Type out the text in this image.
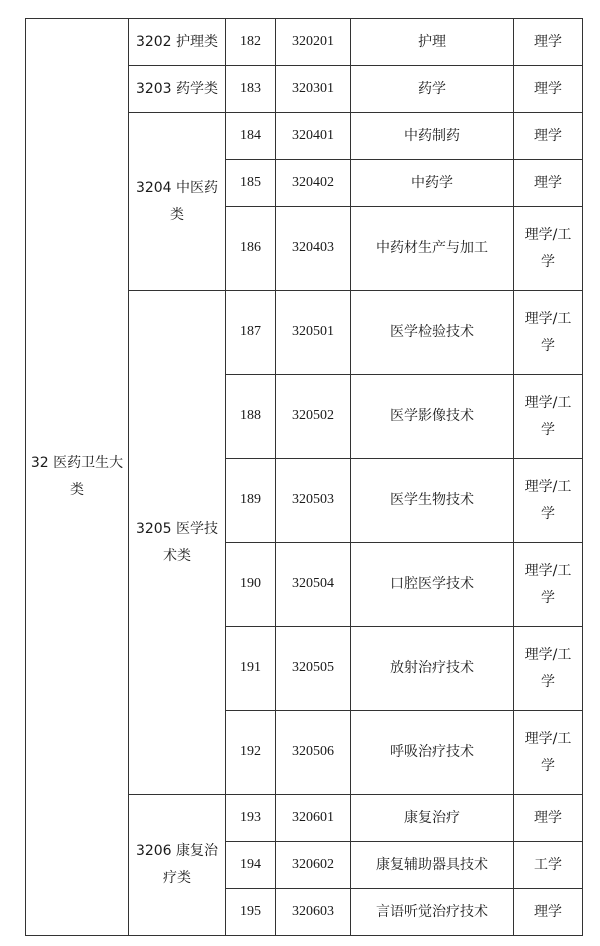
32 医药卫生大类	3202 护理类	182	320201	护理	理学
	3203 药学类	183	320301	药学	理学
	3204 中医药类	184	320401	中药制药	理学
		185	320402	中药学	理学
		186	320403	中药材生产与加工	理学/工学
	3205 医学技术类	187	320501	医学检验技术	理学/工学
		188	320502	医学影像技术	理学/工学
		189	320503	医学生物技术	理学/工学
		190	320504	口腔医学技术	理学/工学
		191	320505	放射治疗技术	理学/工学
		192	320506	呼吸治疗技术	理学/工学
	3206 康复治疗类	193	320601	康复治疗	理学
		194	320602	康复辅助器具技术	工学
		195	320603	言语听觉治疗技术	理学
